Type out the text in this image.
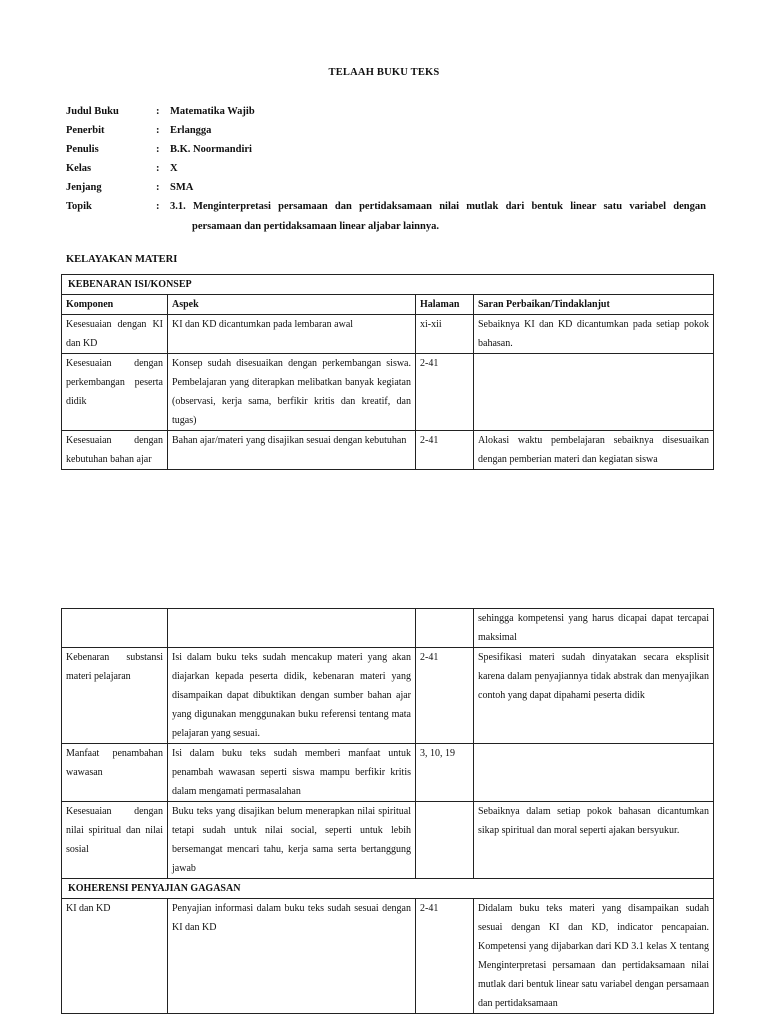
TELAAH BUKU TEKS
Judul Buku	:	Matematika Wajib
Penerbit	:	Erlangga
Penulis	:	B.K. Noormandiri
Kelas	:	X
Jenjang	:	SMA
Topik	:	3.1. Menginterpretasi persamaan dan pertidaksamaan nilai mutlak dari bentuk linear satu variabel dengan
persamaan dan pertidaksamaan linear aljabar lainnya.
KELAYAKAN MATERI
KEBENARAN ISI/KONSEP			
Komponen	Aspek	Halaman	Saran Perbaikan/Tindaklanjut
Kesesuaian dengan KI dan KD	KI dan KD dicantumkan pada lembaran awal	xi-xii	Sebaiknya KI dan KD dicantumkan pada setiap pokok bahasan.
Kesesuaian dengan perkembangan peserta didik	Konsep sudah disesuaikan dengan perkembangan siswa. Pembelajaran yang diterapkan melibatkan banyak kegiatan (observasi, kerja sama, berfikir kritis dan kreatif, dan tugas)	2-41	
Kesesuaian dengan kebutuhan bahan ajar	Bahan ajar/materi yang disajikan sesuai dengan kebutuhan	2-41	Alokasi waktu pembelajaran sebaiknya disesuaikan dengan pemberian materi dan kegiatan siswa
			sehingga kompetensi yang harus dicapai dapat tercapai maksimal
Kebenaran substansi materi pelajaran	Isi dalam buku teks sudah mencakup materi yang akan diajarkan kepada peserta didik, kebenaran materi yang disampaikan dapat dibuktikan dengan sumber bahan ajar yang digunakan menggunakan buku referensi tentang mata pelajaran yang sesuai.	2-41	Spesifikasi materi sudah dinyatakan secara eksplisit karena dalam penyajiannya tidak abstrak dan menyajikan contoh yang dapat dipahami peserta didik
Manfaat penambahan wawasan	Isi dalam buku teks sudah memberi manfaat untuk penambah wawasan seperti siswa mampu berfikir kritis dalam mengamati permasalahan	3, 10, 19	
Kesesuaian dengan nilai spiritual dan nilai sosial	Buku teks yang disajikan belum menerapkan nilai spiritual tetapi sudah untuk nilai social, seperti untuk lebih bersemangat mencari tahu, kerja sama serta bertanggung jawab		Sebaiknya dalam setiap pokok bahasan dicantumkan sikap spiritual dan moral seperti ajakan bersyukur.
KOHERENSI PENYAJIAN GAGASAN			
KI dan KD	Penyajian informasi dalam buku teks sudah sesuai dengan KI dan KD	2-41	Didalam buku teks materi yang disampaikan sudah sesuai dengan KI dan KD, indicator pencapaian. Kompetensi yang dijabarkan dari KD 3.1 kelas X tentang Menginterpretasi persamaan dan pertidaksamaan nilai mutlak dari bentuk linear satu variabel dengan persamaan dan pertidaksamaan
